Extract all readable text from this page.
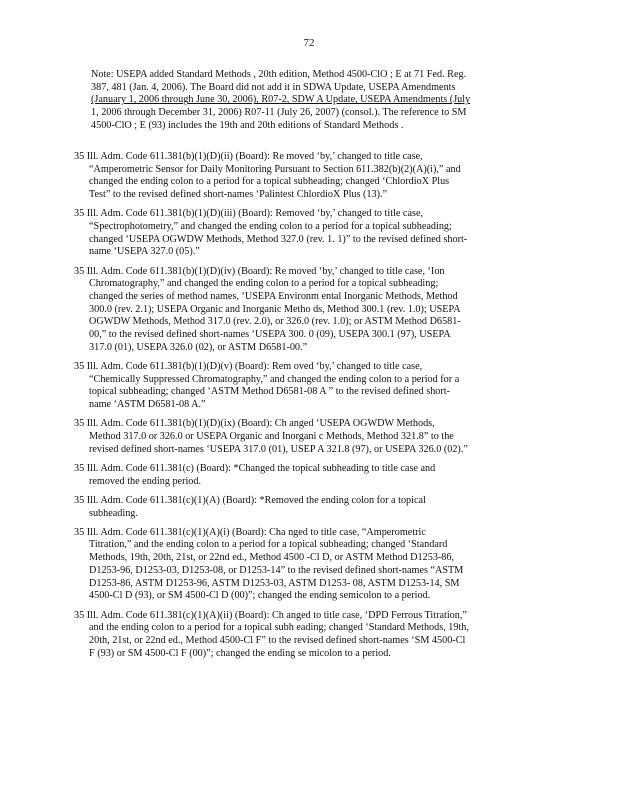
72
Note: USEPA added Standard Methods , 20th edition, Method 4500-ClO ; E at 71 Fed. Reg.
387, 481 (Jan. 4, 2006). The Board did not add it in SDWA Update, USEPA Amendments
(January 1, 2006 through June 30, 2006), R07-2, SDW A Update, USEPA Amendments (July
1, 2006 through December 31, 2006) R07-11 (July 26, 2007) (consol.). The reference to SM
4500-ClO ; E (93) includes the 19th and 20th editions of Standard Methods .
35 Ill. Adm. Code 611.381(b)(1)(D)(ii) (Board): Re moved ‘by,’ changed to title case,
“Amperometric Sensor for Daily Monitoring Pursuant to Section 611.382(b)(2)(A)(i),” and
changed the ending colon to a period for a topical subheading; changed ‘ChlordioX Plus
Test” to the revised defined short-names ‘Palintest ChlordioX Plus (13).”
35 Ill. Adm. Code 611.381(b)(1)(D)(iii) (Board): Removed ‘by,’ changed to title case,
“Spectrophotometry,” and changed the ending colon to a period for a topical subheading;
changed ‘USEPA OGWDW Methods, Method 327.0 (rev. 1. 1)” to the revised defined short-
name ‘USEPA 327.0 (05).”
35 Ill. Adm. Code 611.381(b)(1)(D)(iv) (Board): Re moved ‘by,’ changed to title case, ‘Ion
Chromatography,” and changed the ending colon to a period for a topical subheading;
changed the series of method names, ‘USEPA Environm ental Inorganic Methods, Method
300.0 (rev. 2.1); USEPA Organic and Inorganic Metho ds, Method 300.1 (rev. 1.0); USEPA
OGWDW Methods, Method 317.0 (rev. 2.0), or 326.0 (rev. 1.0); or ASTM Method D6581-
00,” to the revised defined short-names ‘USEPA 300. 0 (09), USEPA 300.1 (97), USEPA
317.0 (01), USEPA 326.0 (02), or ASTM D6581-00.”
35 Ill. Adm. Code 611.381(b)(1)(D)(v) (Board): Rem oved ‘by,’ changed to title case,
“Chemically Suppressed Chromatography,” and changed the ending colon to a period for a
topical subheading; changed ‘ASTM Method D6581-08 A ” to the revised defined short-
name ‘ASTM D6581-08 A.”
35 Ill. Adm. Code 611.381(b)(1)(D)(ix) (Board): Ch anged ‘USEPA OGWDW Methods,
Method 317.0 or 326.0 or USEPA Organic and Inorgani c Methods, Method 321.8” to the
revised defined short-names ‘USEPA 317.0 (01), USEP A 321.8 (97), or USEPA 326.0 (02).”
35 Ill. Adm. Code 611.381(c) (Board): *Changed the topical subheading to title case and
removed the ending period.
35 Ill. Adm. Code 611.381(c)(1)(A) (Board): *Removed the ending colon for a topical
subheading.
35 Ill. Adm. Code 611.381(c)(1)(A)(i) (Board): Cha nged to title case, “Amperometric
Titration,” and the ending colon to a period for a topical subheading; changed ‘Standard
Methods, 19th, 20th, 21st, or 22nd ed., Method 4500 -Cl D, or ASTM Method D1253-86,
D1253-96, D1253-03, D1253-08, or D1253-14” to the revised defined short-names “ASTM
D1253-86, ASTM D1253-96, ASTM D1253-03, ASTM D1253- 08, ASTM D1253-14, SM
4500-Cl D (93), or SM 4500-Cl D (00)”; changed the ending semicolon to a period.
35 Ill. Adm. Code 611.381(c)(1)(A)(ii) (Board): Ch anged to title case, ‘DPD Ferrous Titration,”
and the ending colon to a period for a topical subh eading; changed ‘Standard Methods, 19th,
20th, 21st, or 22nd ed., Method 4500-Cl F” to the revised defined short-names ‘SM 4500-Cl
F (93) or SM 4500-Cl F (00)”; changed the ending se micolon to a period.
